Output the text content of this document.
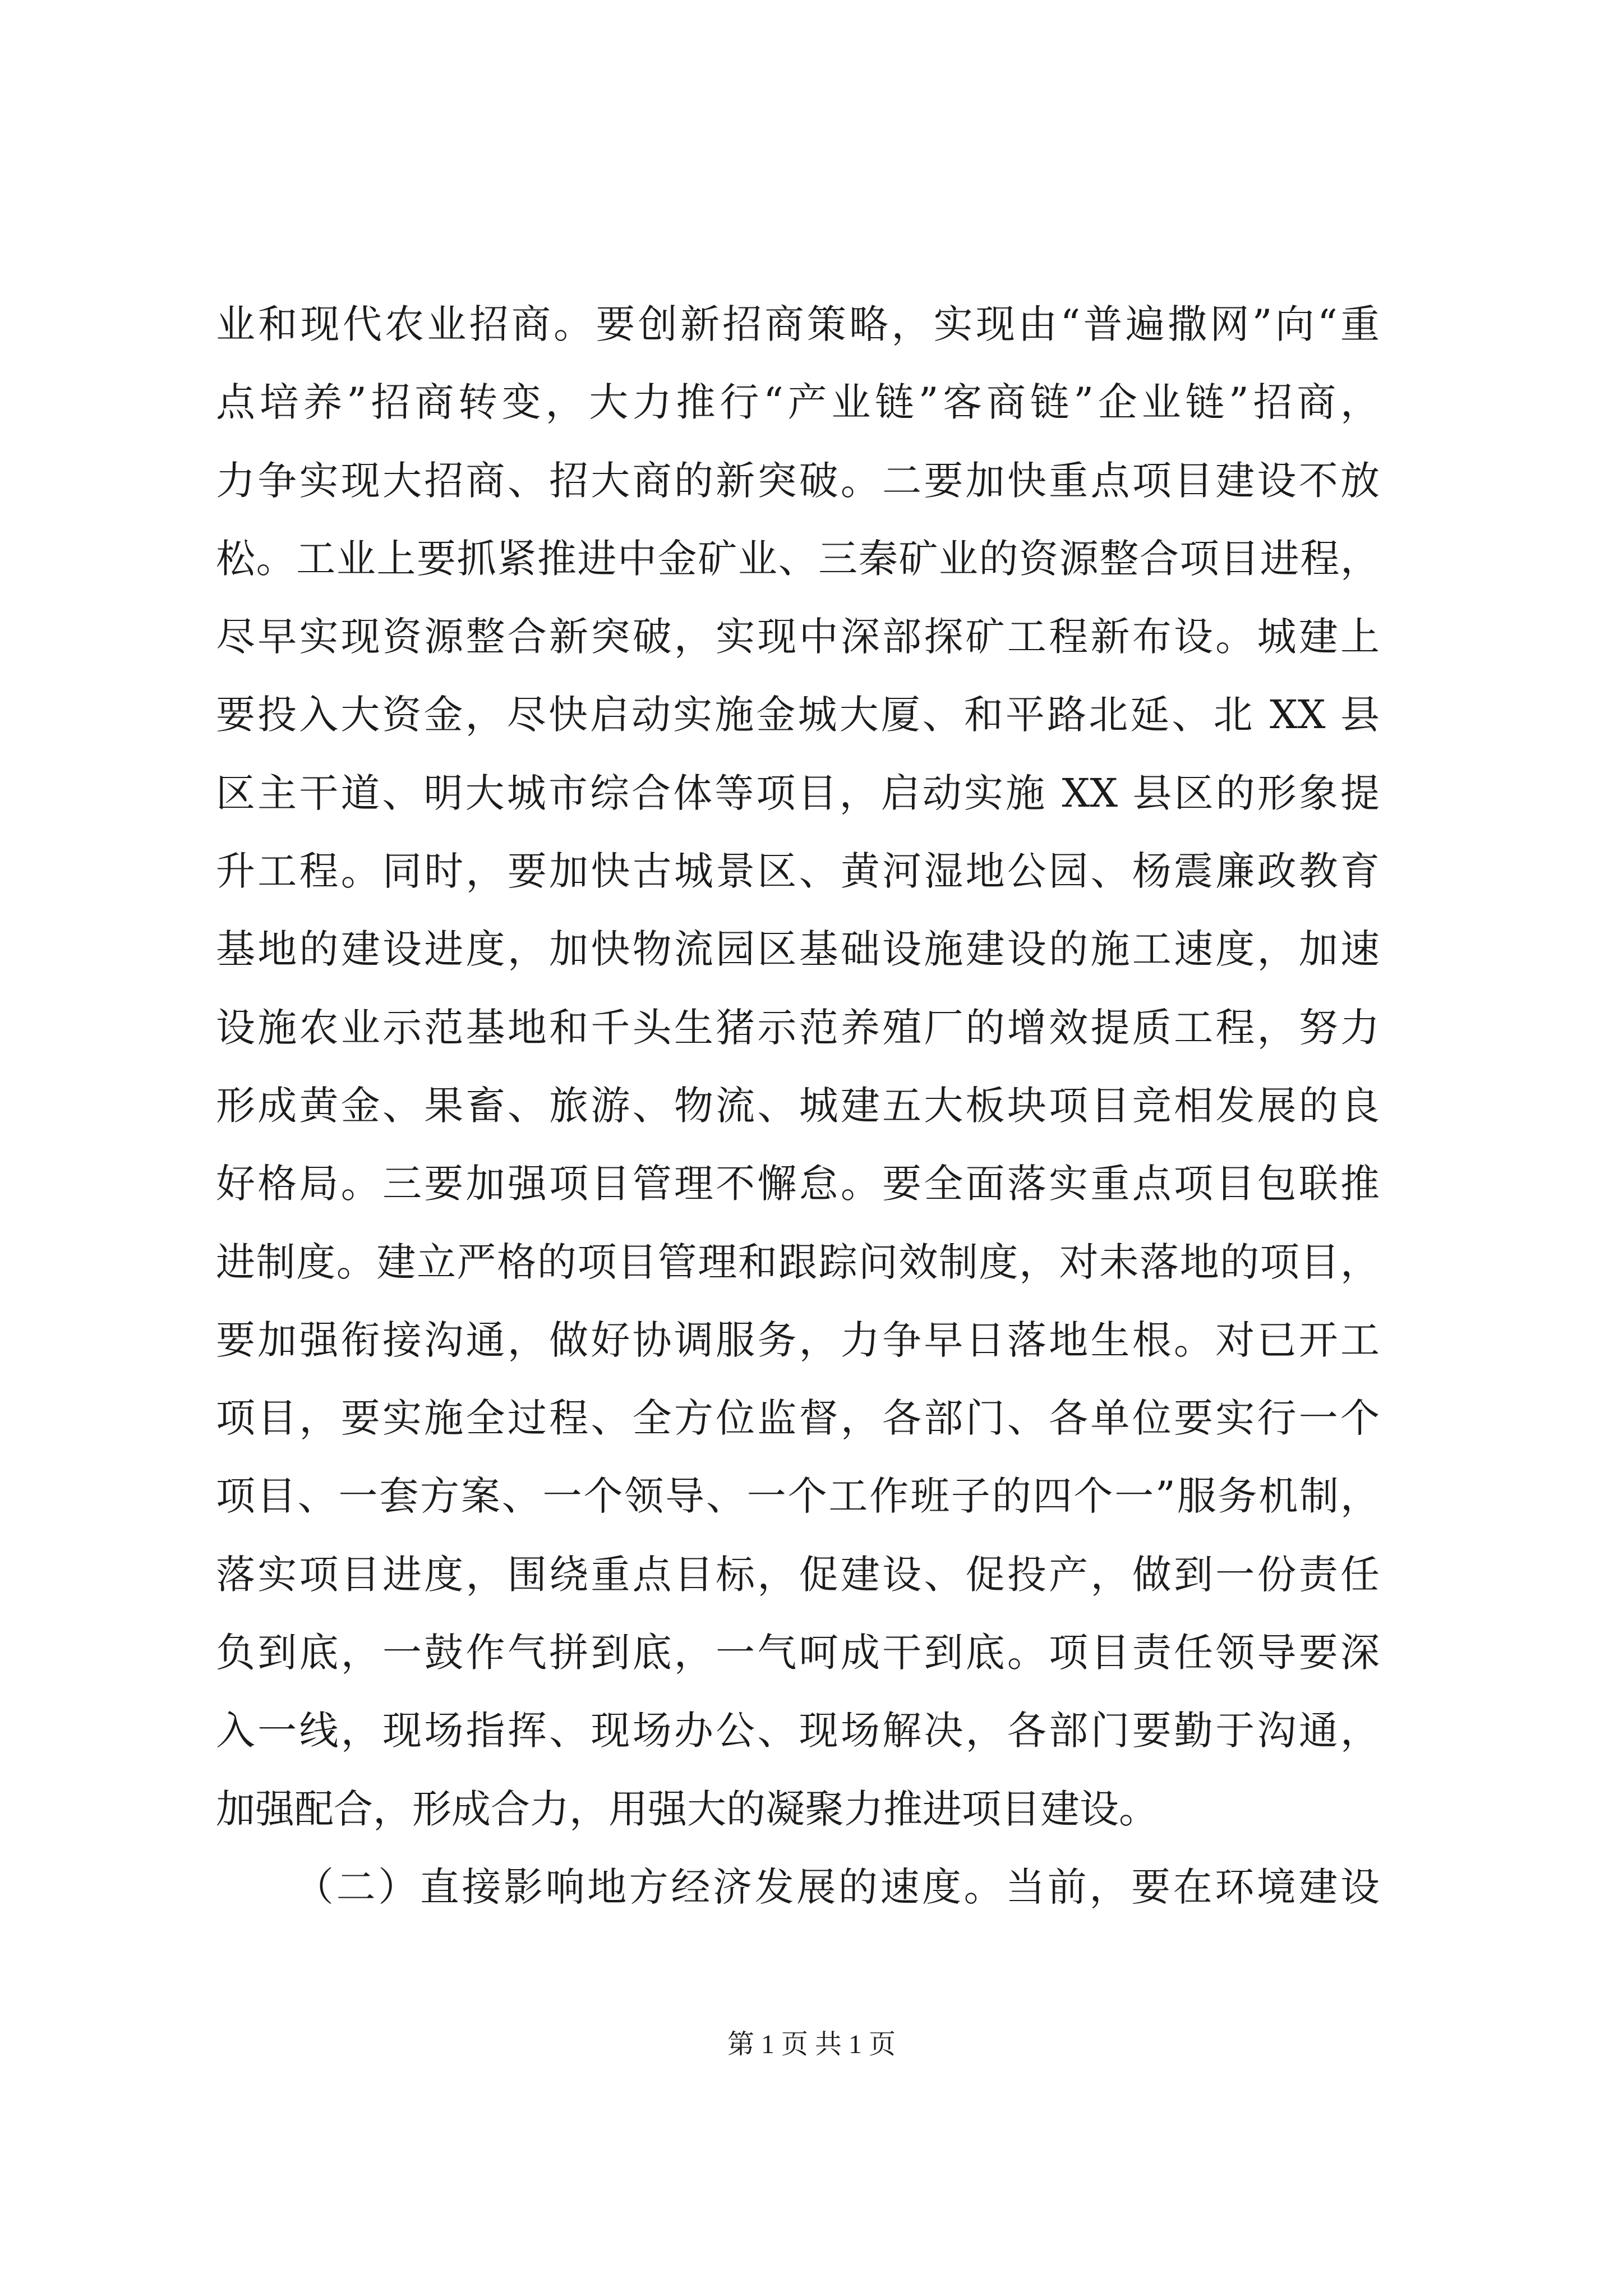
业和现代农业招商。要创新招商策略，实现由“普遍撒网”向“重
点培养”招商转变，大力推行“产业链”客商链”企业链”招商，
力争实现大招商、招大商的新突破。二要加快重点项目建设不放
松。工业上要抓紧推进中金矿业、三秦矿业的资源整合项目进程，
尽早实现资源整合新突破，实现中深部探矿工程新布设。城建上
要投入大资金，尽快启动实施金城大厦、和平路北延、北 XX 县
区主干道、明大城市综合体等项目，启动实施 XX 县区的形象提
升工程。同时，要加快古城景区、黄河湿地公园、杨震廉政教育
基地的建设进度，加快物流园区基础设施建设的施工速度，加速
设施农业示范基地和千头生猪示范养殖厂的增效提质工程，努力
形成黄金、果畜、旅游、物流、城建五大板块项目竞相发展的良
好格局。三要加强项目管理不懈怠。要全面落实重点项目包联推
进制度。建立严格的项目管理和跟踪问效制度，对未落地的项目，
要加强衔接沟通，做好协调服务，力争早日落地生根。对已开工
项目，要实施全过程、全方位监督，各部门、各单位要实行一个
项目、一套方案、一个领导、一个工作班子的四个一”服务机制，
落实项目进度，围绕重点目标，促建设、促投产，做到一份责任
负到底，一鼓作气拼到底，一气呵成干到底。项目责任领导要深
入一线，现场指挥、现场办公、现场解决，各部门要勤于沟通，
加强配合，形成合力，用强大的凝聚力推进项目建设。
（二）直接影响地方经济发展的速度。当前，要在环境建设
第 1 页 共 1 页
